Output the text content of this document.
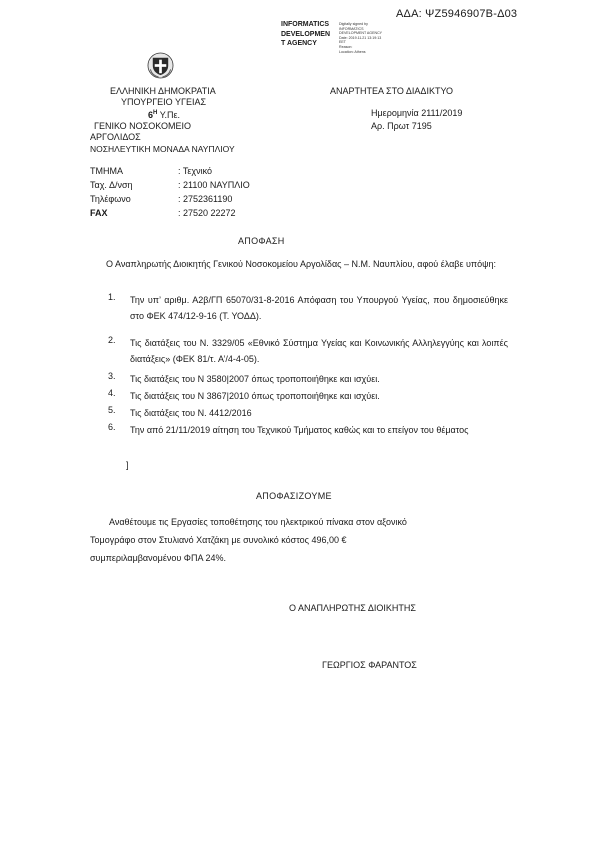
ΑΔΑ: ΨΖ5946907Β-Δ03
INFORMATICS
DEVELOPMEN
T AGENCY
Digitally signed by
INFORMATICS
DEVELOPMENT AGENCY
Date: 2019.11.21 13:19:13
EET
Reason:
Location: Athens
ΕΛΛΗΝΙΚΗ ΔΗΜΟΚΡΑΤΙΑ
ΥΠΟΥΡΓΕΙΟ ΥΓΕΙΑΣ
$6^H$ Υ.Πε.
ΓΕΝΙΚΟ ΝΟΣΟΚΟΜΕΙΟ
ΑΡΓΟΛΙΔΟΣ
ΝΟΣΗΛΕΥΤΙΚΗ ΜΟΝΑΔΑ ΝΑΥΠΛΙΟΥ
ΑΝΑΡΤΗΤΕΑ ΣΤΟ ΔΙΑΔΙΚΤΥΟ
Ημερομηνία 2111/2019
Αρ. Πρωτ 7195
ΤΜΗΜΑ	: Τεχνικό
Ταχ. Δ/νση	: 21100 ΝΑΥΠΛΙΟ
Τηλέφωνο	: 2752361190
FAX	: 27520 22272
ΑΠΟΦΑΣΗ
Ο Αναπληρωτής Διοικητής Γενικού Νοσοκομείου Αργολίδας – Ν.Μ. Ναυπλίου, αφού έλαβε υπόψη:
1.	Την υπ’ αριθμ. Α2β/ΓΠ 65070/31-8-2016 Απόφαση του Υπουργού Υγείας, που δημοσιεύθηκε στο ΦΕΚ 474/12-9-16 (Τ. ΥΟΔΔ).
2.	Τις διατάξεις του Ν. 3329/05 «Εθνικό Σύστημα Υγείας και Κοινωνικής Αλληλεγγύης και λοιπές διατάξεις» (ΦΕΚ 81/τ. Α’/4-4-05).
3.	Τις διατάξεις του Ν 3580|2007 όπως τροποποιήθηκε και ισχύει.
4.	Τις διατάξεις του Ν 3867|2010 όπως τροποποιήθηκε και ισχύει.
5.	Τις διατάξεις του Ν. 4412/2016
6.	Την από 21/11/2019 αίτηση του Τεχνικού Τμήματος καθώς και το επείγον του θέματος
]
ΑΠΟΦΑΣΙΖΟΥΜΕ
Αναθέτουμε τις Εργασίες τοποθέτησης του ηλεκτρικού πίνακα στον αξονικό
Τομογράφο στον Στυλιανό Χατζάκη με συνολικό κόστος 496,00 €
συμπεριλαμβανομένου ΦΠΑ 24%.
Ο ΑΝΑΠΛΗΡΩΤΗΣ ΔΙΟΙΚΗΤΗΣ
ΓΕΩΡΓΙΟΣ ΦΑΡΑΝΤΟΣ
